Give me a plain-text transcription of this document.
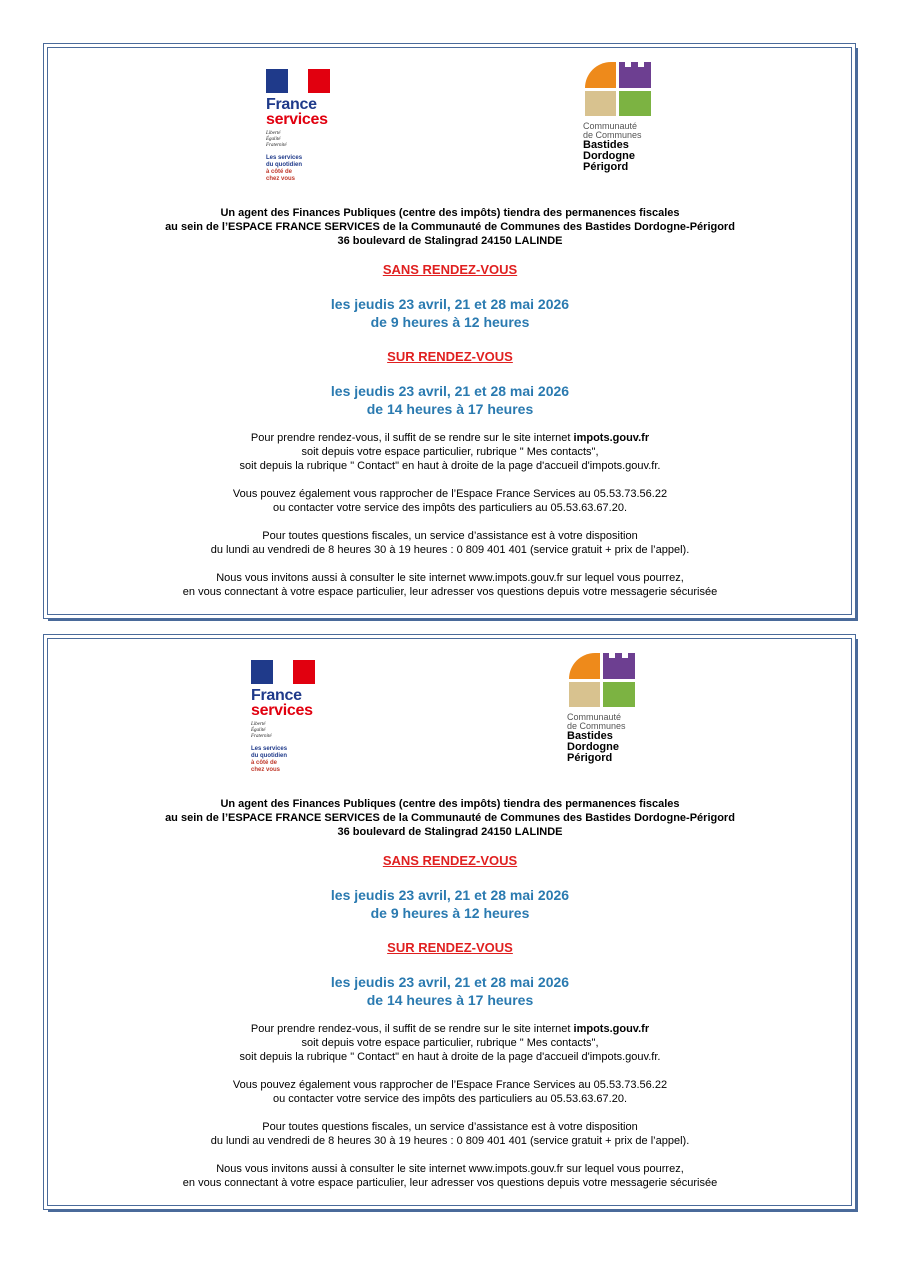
France
services
Liberté
Égalité
Fraternité
Les services
du quotidien
à côté de
chez vous
Communauté
de Communes
Bastides
Dordogne
Périgord
Un agent des Finances Publiques (centre des impôts) tiendra des permanences fiscales
au sein de l’ESPACE FRANCE SERVICES de la Communauté de Communes des Bastides Dordogne-Périgord
36 boulevard de Stalingrad 24150 LALINDE
SANS RENDEZ-VOUS
les jeudis 23 avril, 21 et 28 mai 2026
de 9 heures à 12 heures
SUR RENDEZ-VOUS
les jeudis 23 avril, 21 et 28 mai 2026
de 14 heures à 17 heures
Pour prendre rendez-vous, il suffit de se rendre sur le site internet impots.gouv.fr
soit depuis votre espace particulier, rubrique " Mes contacts",
soit depuis la rubrique " Contact" en haut à droite de la page d'accueil d'impots.gouv.fr.
Vous pouvez également vous rapprocher de l’Espace France Services au 05.53.73.56.22
ou contacter votre service des impôts des particuliers au 05.53.63.67.20.
Pour toutes questions fiscales, un service d’assistance est à votre disposition
du lundi au vendredi de 8 heures 30 à 19 heures : 0 809 401 401 (service gratuit + prix de l’appel).
Nous vous invitons aussi à consulter le site internet www.impots.gouv.fr sur lequel vous pourrez,
en vous connectant à votre espace particulier, leur adresser vos questions depuis votre messagerie sécurisée
France
services
Liberté
Égalité
Fraternité
Les services
du quotidien
à côté de
chez vous
Communauté
de Communes
Bastides
Dordogne
Périgord
Un agent des Finances Publiques (centre des impôts) tiendra des permanences fiscales
au sein de l’ESPACE FRANCE SERVICES de la Communauté de Communes des Bastides Dordogne-Périgord
36 boulevard de Stalingrad 24150 LALINDE
SANS RENDEZ-VOUS
les jeudis 23 avril, 21 et 28 mai 2026
de 9 heures à 12 heures
SUR RENDEZ-VOUS
les jeudis 23 avril, 21 et 28 mai 2026
de 14 heures à 17 heures
Pour prendre rendez-vous, il suffit de se rendre sur le site internet impots.gouv.fr
soit depuis votre espace particulier, rubrique " Mes contacts",
soit depuis la rubrique " Contact" en haut à droite de la page d'accueil d'impots.gouv.fr.
Vous pouvez également vous rapprocher de l’Espace France Services au 05.53.73.56.22
ou contacter votre service des impôts des particuliers au 05.53.63.67.20.
Pour toutes questions fiscales, un service d’assistance est à votre disposition
du lundi au vendredi de 8 heures 30 à 19 heures : 0 809 401 401 (service gratuit + prix de l’appel).
Nous vous invitons aussi à consulter le site internet www.impots.gouv.fr sur lequel vous pourrez,
en vous connectant à votre espace particulier, leur adresser vos questions depuis votre messagerie sécurisée
